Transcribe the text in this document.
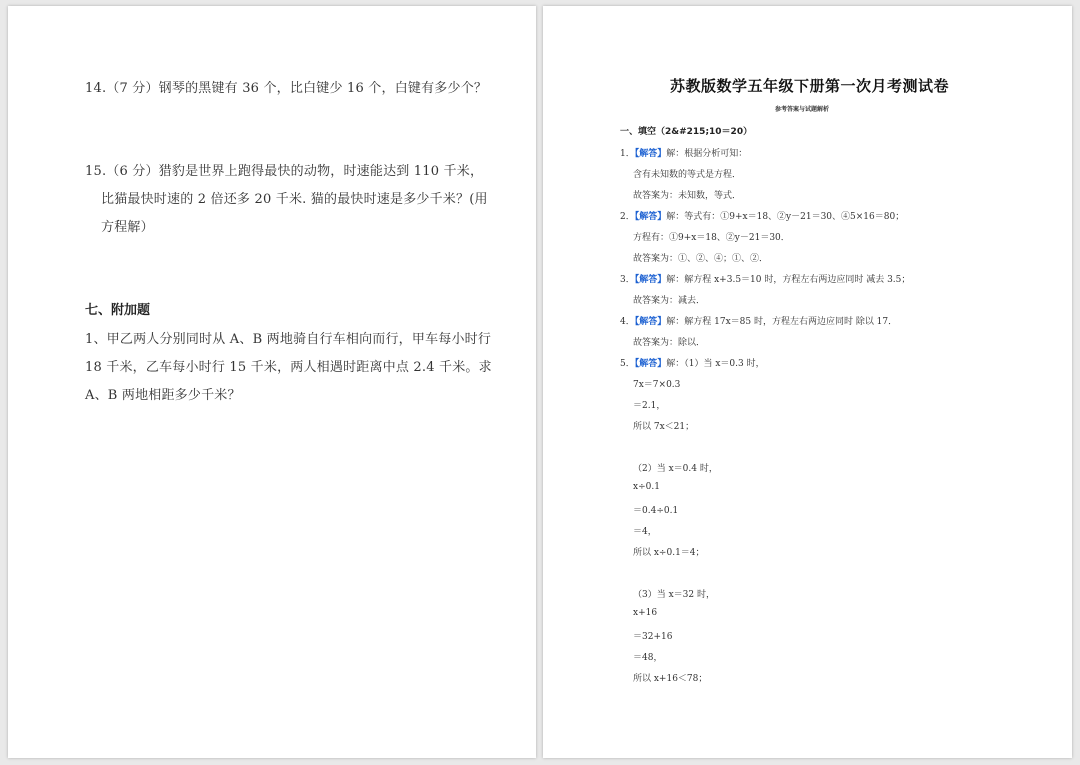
14.（7 分）钢琴的黑键有 36 个，比白键少 16 个，白键有多少个？
15.（6 分）猎豹是世界上跑得最快的动物，时速能达到 110 千米，
比猫最快时速的 2 倍还多 20 千米. 猫的最快时速是多少千米？(用
方程解）
七、附加题
1、甲乙两人分别同时从 A、B 两地骑自行车相向而行，甲车每小时行
18 千米，乙车每小时行 15 千米，两人相遇时距离中点 2.4 千米。求
A、B 两地相距多少千米？
苏教版数学五年级下册第一次月考测试卷
参考答案与试题解析
一、填空（2&#215;10＝20）
1．【解答】解：根据分析可知：
含有未知数的等式是方程．
故答案为：未知数，等式．
2．【解答】解：等式有：①9+x＝18、②y－21＝30、④5×16＝80；
方程有：①9+x＝18、②y－21＝30．
故答案为：①、②、④；①、②．
3．【解答】解：解方程 x+3.5＝10 时，方程左右两边应同时 减去 3.5；
故答案为：减去．
4．【解答】解：解方程 17x＝85 时，方程左右两边应同时 除以 17．
故答案为：除以．
5．【解答】解：（1）当 x＝0.3 时，
7x＝7×0.3
＝2.1，
所以 7x＜21；
（2）当 x＝0.4 时，
x÷0.1
＝0.4÷0.1
＝4，
所以 x÷0.1＝4；
（3）当 x＝32 时，
x+16
＝32+16
＝48，
所以 x+16＜78；
